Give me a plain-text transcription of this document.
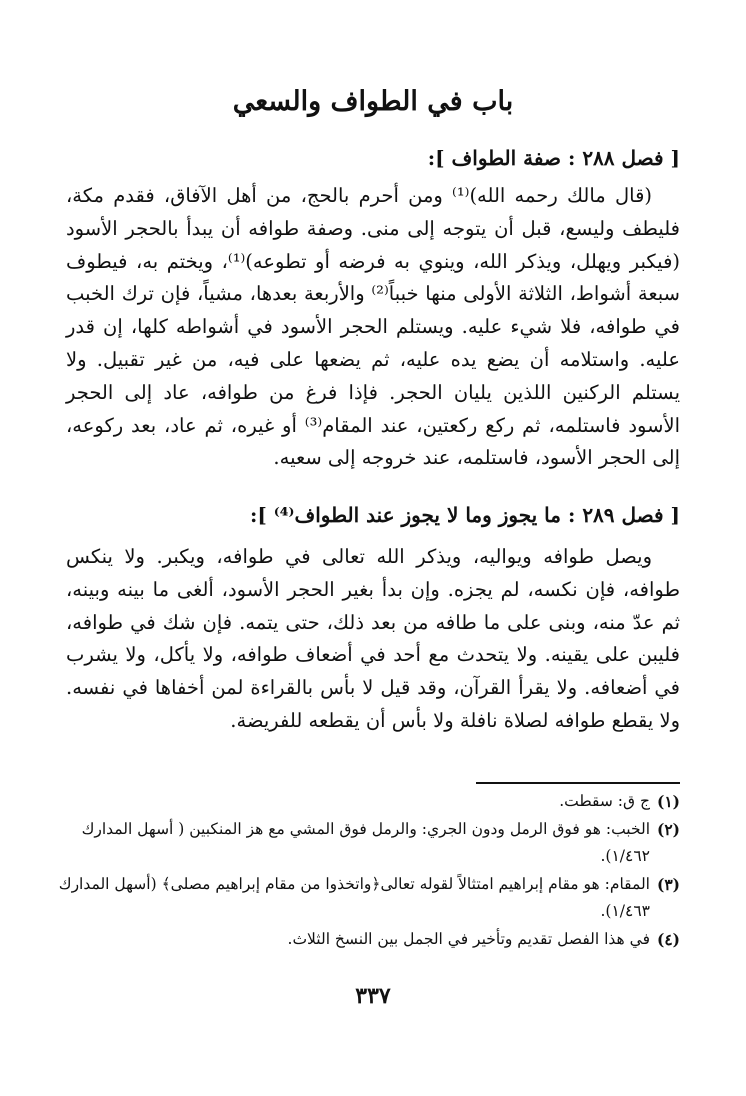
باب في الطواف والسعي
[ فصل ٢٨٨ : صفة الطواف ]:

(قال مالك رحمه الله)⁽¹⁾ ومن أحرم بالحج، من أهل الآفاق، فقدم مكة، فليطف وليسع، قبل أن يتوجه إلى منى. وصفة طوافه أن يبدأ بالحجر الأسود (فيكبر ويهلل، ويذكر الله، وينوي به فرضه أو تطوعه)⁽¹⁾، ويختم به، فيطوف سبعة أشواط، الثلاثة الأولى منها خبباً⁽²⁾ والأربعة بعدها، مشياً، فإن ترك الخبب في طوافه، فلا شيء عليه. ويستلم الحجر الأسود في أشواطه كلها، إن قدر عليه. واستلامه أن يضع يده عليه، ثم يضعها على فيه، من غير تقبيل. ولا يستلم الركنين اللذين يليان الحجر. فإذا فرغ من طوافه، عاد إلى الحجر الأسود فاستلمه، ثم ركع ركعتين، عند المقام⁽³⁾ أو غيره، ثم عاد، بعد ركوعه، إلى الحجر الأسود، فاستلمه، عند خروجه إلى سعيه.

[ فصل ٢٨٩ : ما يجوز وما لا يجوز عند الطواف⁽⁴⁾ ]:

ويصل طوافه ويواليه، ويذكر الله تعالى في طوافه، ويكبر. ولا ينكس طوافه، فإن نكسه، لم يجزه. وإن بدأ بغير الحجر الأسود، ألغى ما بينه وبينه، ثم عدّ منه، وبنى على ما طافه من بعد ذلك، حتى يتمه. فإن شك في طوافه، فليبن على يقينه. ولا يتحدث مع أحد في أضعاف طوافه، ولا يأكل، ولا يشرب في أضعافه. ولا يقرأ القرآن، وقد قيل لا بأس بالقراءة لمن أخفاها في نفسه. ولا يقطع طوافه لصلاة نافلة ولا بأس أن يقطعه للفريضة.

(١)
ج ق: سقطت.
(٢)
الخبب: هو فوق الرمل ودون الجري: والرمل فوق المشي مع هز المنكبين ( أسهل المدارك ١/٤٦٢).
(٣)
المقام: هو مقام إبراهيم امتثالاً لقوله تعالى﴿واتخذوا من مقام إبراهيم مصلى﴾ (أسهل المدارك ١/٤٦٣).
(٤)
في هذا الفصل تقديم وتأخير في الجمل بين النسخ الثلاث.
٣٣٧
